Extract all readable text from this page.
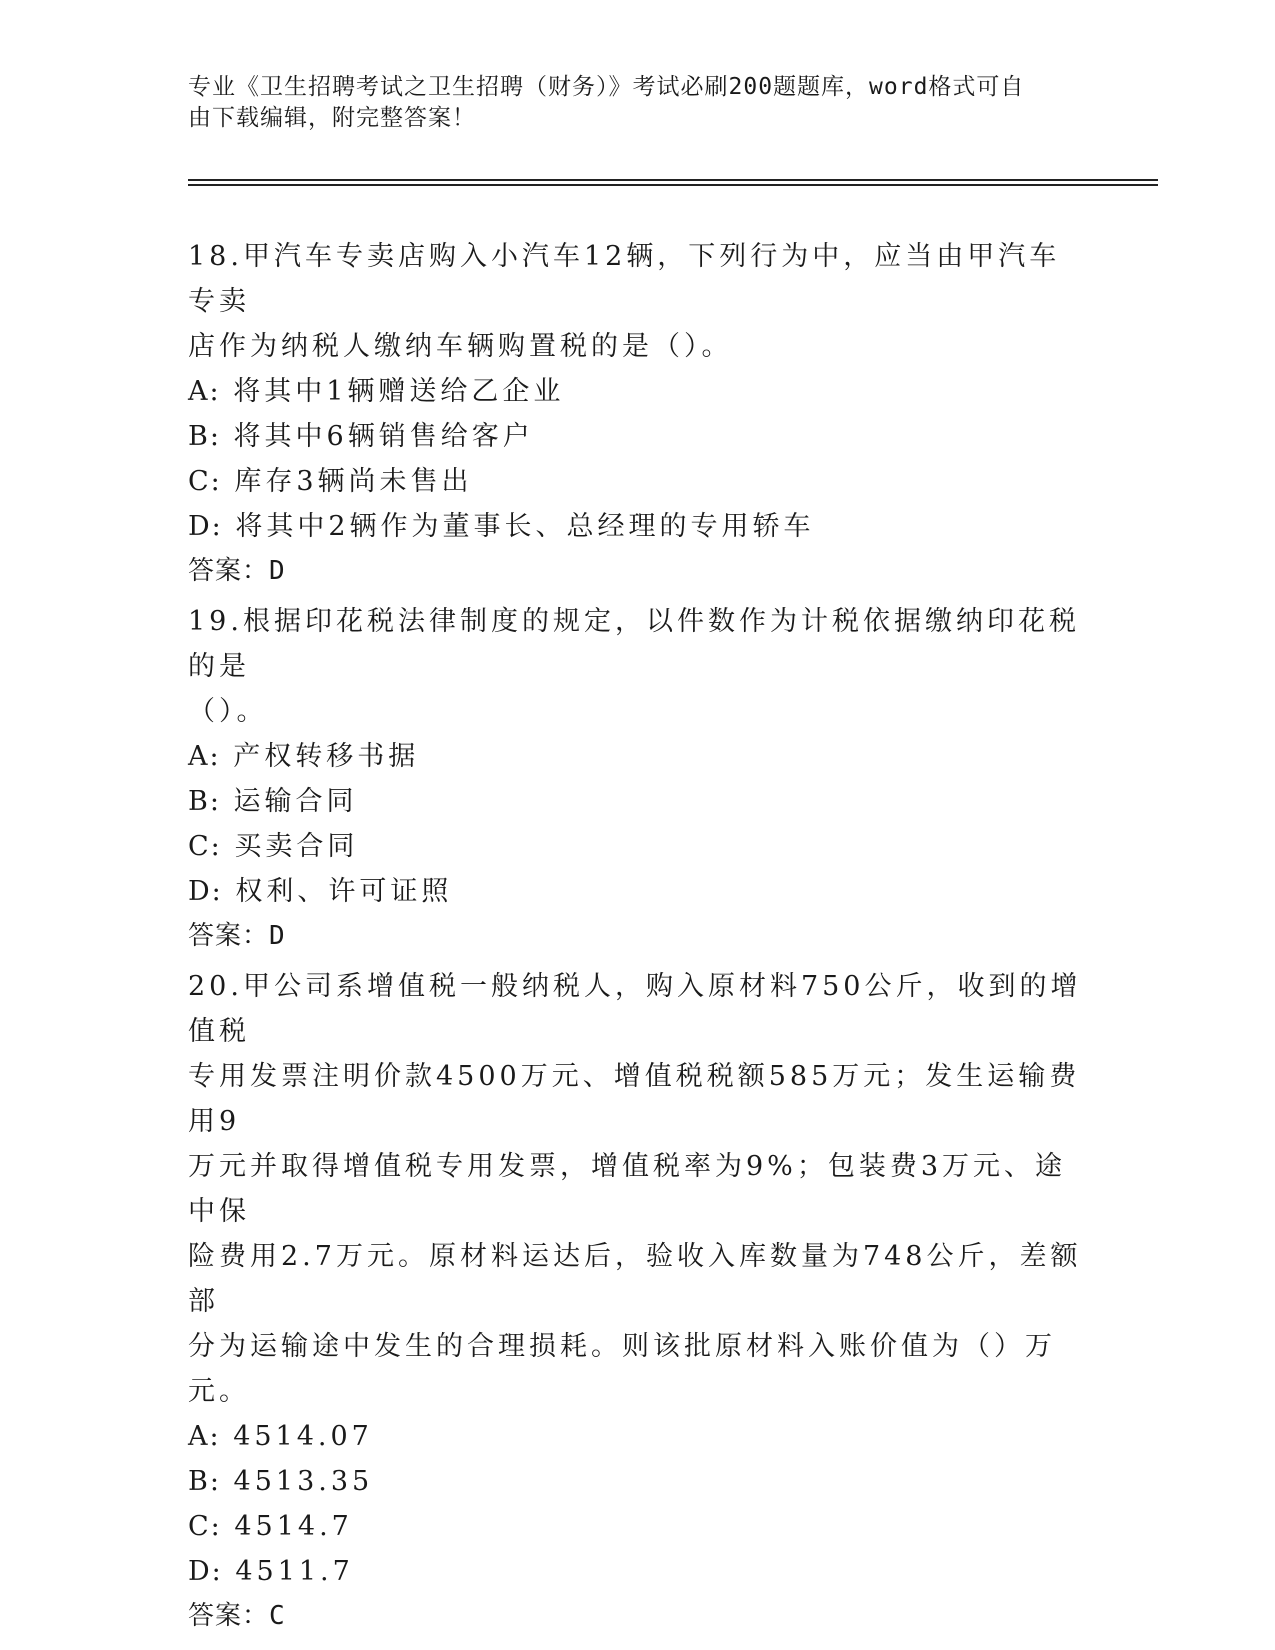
专业《卫生招聘考试之卫生招聘（财务）》考试必刷200题题库，word格式可自
由下载编辑，附完整答案！

18.甲汽车专卖店购入小汽车12辆，下列行为中，应当由甲汽车专卖

店作为纳税人缴纳车辆购置税的是（）。

A: 将其中1辆赠送给乙企业

B: 将其中6辆销售给客户

C: 库存3辆尚未售出

D: 将其中2辆作为董事长、总经理的专用轿车

答案：D

19.根据印花税法律制度的规定，以件数作为计税依据缴纳印花税的是

（）。

A: 产权转移书据

B: 运输合同

C: 买卖合同

D: 权利、许可证照

答案：D

20.甲公司系增值税一般纳税人，购入原材料750公斤，收到的增值税

专用发票注明价款4500万元、增值税税额585万元；发生运输费用9

万元并取得增值税专用发票，增值税率为9%；包装费3万元、途中保

险费用2.7万元。原材料运达后，验收入库数量为748公斤，差额部

分为运输途中发生的合理损耗。则该批原材料入账价值为（）万元。

A: 4514.07

B: 4513.35

C: 4514.7

D: 4511.7

答案：C
